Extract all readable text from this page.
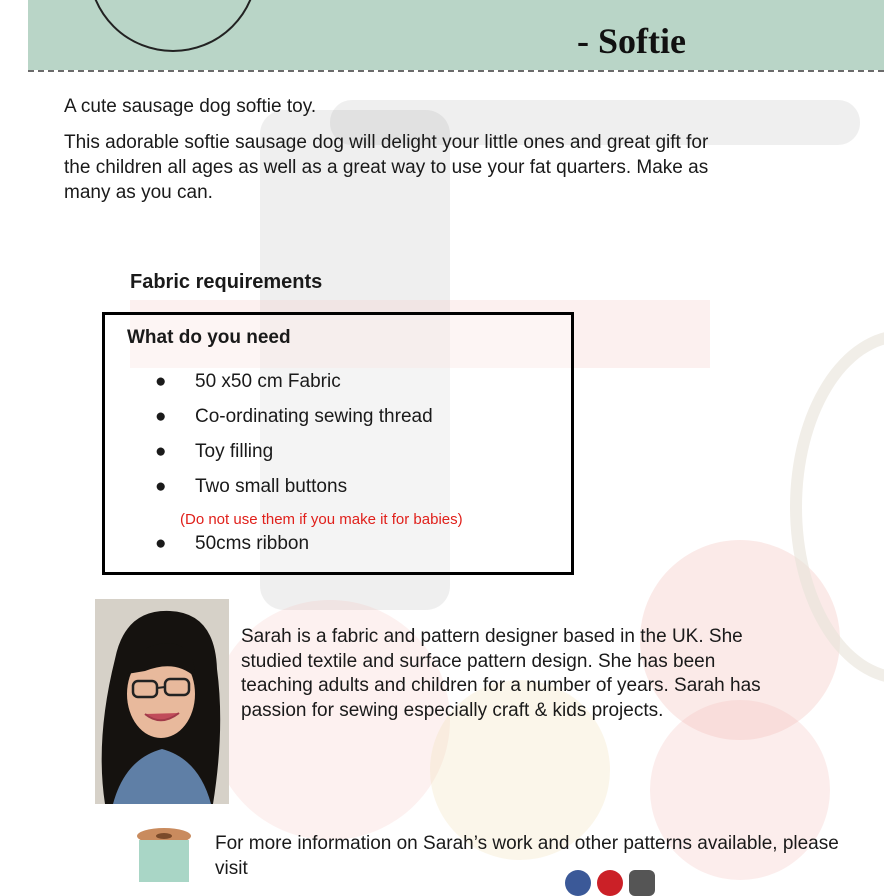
- Softie
A cute sausage dog softie toy.
This adorable softie sausage dog will delight your little ones and great gift for the children all ages as well as a great way to use your fat quarters. Make as many as you can.
Fabric requirements
What do you need
● 50 x50 cm Fabric
● Co-ordinating sewing thread
● Toy filling
● Two small buttons
(Do not use them if you make it for babies)
● 50cms ribbon
Sarah is a fabric and pattern designer based in the UK. She studied textile and surface pattern design. She has been teaching adults and children for a number of years. Sarah has passion for sewing especially craft & kids projects.
For more information on Sarah’s work and other patterns available, please visit
